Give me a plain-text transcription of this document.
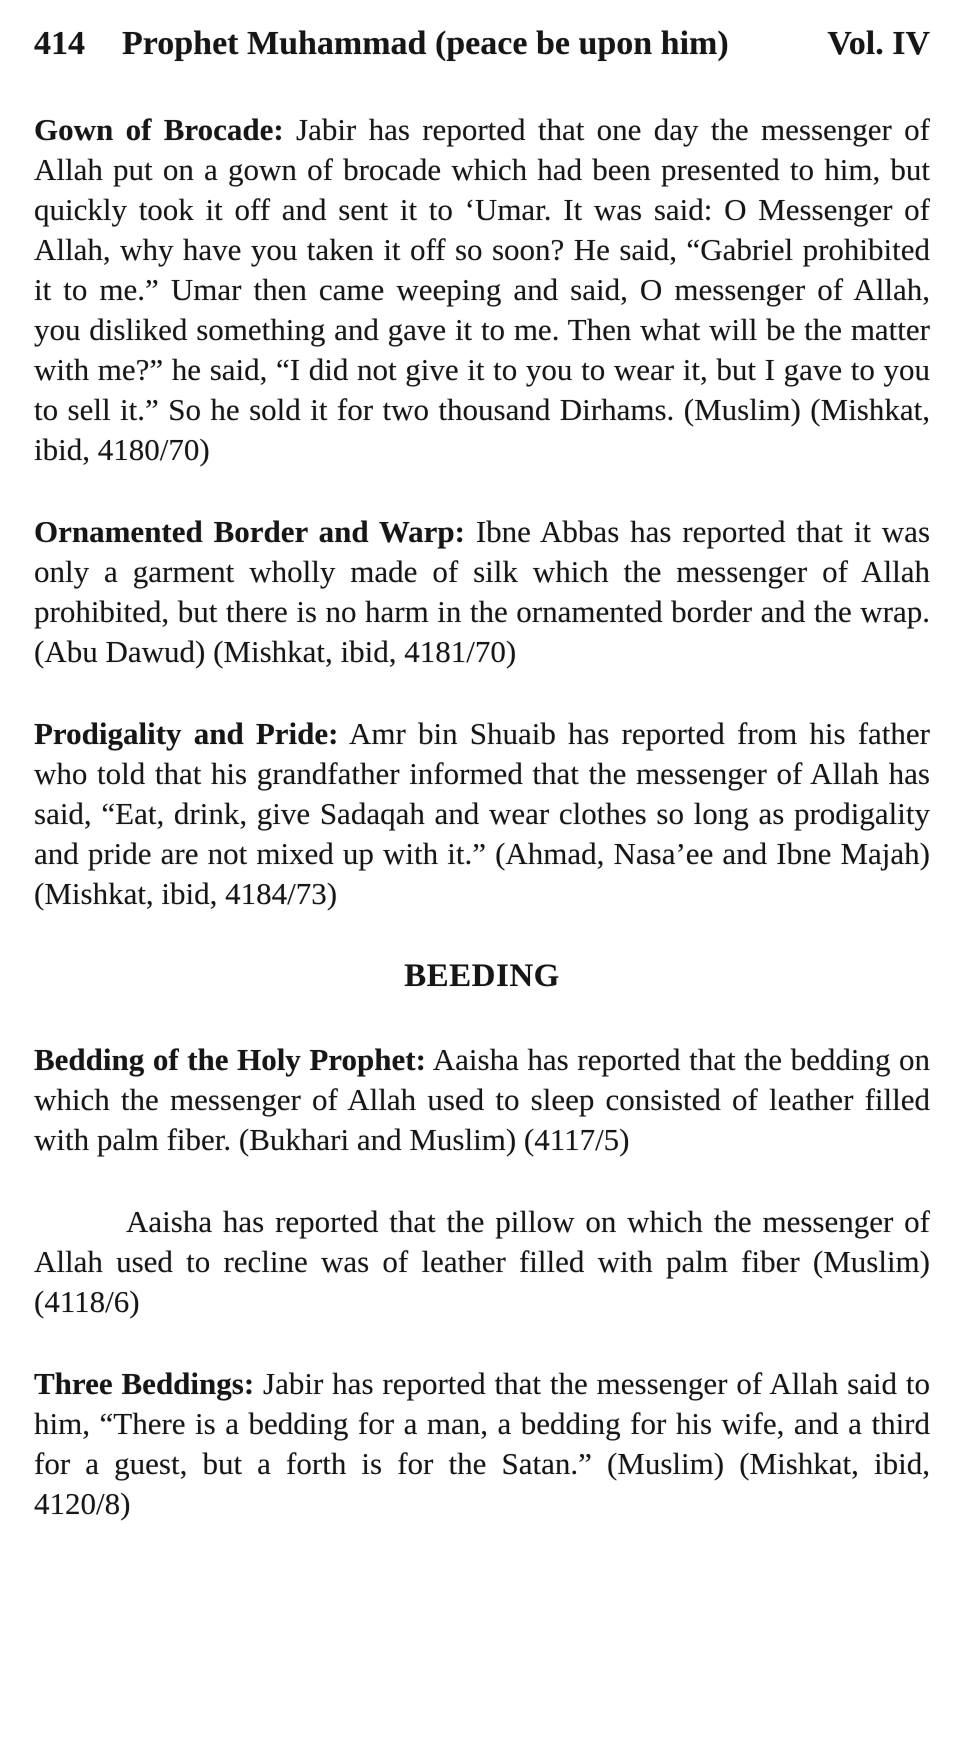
414	Prophet Muhammad (peace be upon him)	Vol. IV

Gown of Brocade: Jabir has reported that one day the messenger of Allah put on a gown of brocade which had been presented to him, but quickly took it off and sent it to ‘Umar. It was said: O Messenger of Allah, why have you taken it off so soon? He said, “Gabriel prohibited it to me.” Umar then came weeping and said, O messenger of Allah, you disliked something and gave it to me. Then what will be the matter with me?” he said, “I did not give it to you to wear it, but I gave to you to sell it.” So he sold it for two thousand Dirhams. (Muslim) (Mishkat, ibid, 4180/70)

Ornamented Border and Warp: Ibne Abbas has reported that it was only a garment wholly made of silk which the messenger of Allah prohibited, but there is no harm in the ornamented border and the wrap. (Abu Dawud) (Mishkat, ibid, 4181/70)

Prodigality and Pride: Amr bin Shuaib has reported from his father who told that his grandfather informed that the messenger of Allah has said, “Eat, drink, give Sadaqah and wear clothes so long as prodigality and pride are not mixed up with it.” (Ahmad, Nasa’ee and Ibne Majah) (Mishkat, ibid, 4184/73)

BEEDING

Bedding of the Holy Prophet: Aaisha has reported that the bedding on which the messenger of Allah used to sleep consisted of leather filled with palm fiber. (Bukhari and Muslim) (4117/5)

Aaisha has reported that the pillow on which the messenger of Allah used to recline was of leather filled with palm fiber (Muslim) (4118/6)

Three Beddings: Jabir has reported that the messenger of Allah said to him, “There is a bedding for a man, a bedding for his wife, and a third for a guest, but a forth is for the Satan.” (Muslim) (Mishkat, ibid, 4120/8)
